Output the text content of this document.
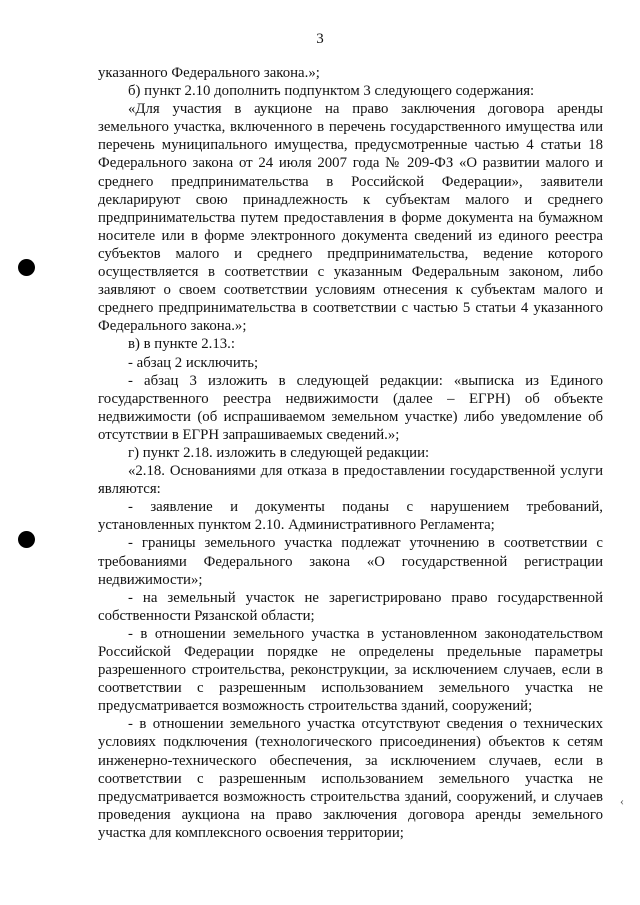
3
‹

указанного Федерального закона.»;

б) пункт 2.10 дополнить подпунктом 3 следующего содержания:

«Для участия в аукционе на право заключения договора аренды земельного участка, включенного в перечень государственного имущества или перечень муниципального имущества, предусмотренные частью 4 статьи 18 Федерального закона от 24 июля 2007 года № 209-ФЗ «О развитии малого и среднего предпринимательства в Российской Федерации», заявители декларируют свою принадлежность к субъектам малого и среднего предпринимательства путем предоставления в форме документа на бумажном носителе или в форме электронного документа сведений из единого реестра субъектов малого и среднего предпринимательства, ведение которого осуществляется в соответствии с указанным Федеральным законом, либо заявляют о своем соответствии условиям отнесения к субъектам малого и среднего предпринимательства в соответствии с частью 5 статьи 4 указанного Федерального закона.»;

в) в пункте 2.13.:

- абзац 2 исключить;

- абзац 3 изложить в следующей редакции: «выписка из Единого государственного реестра недвижимости (далее – ЕГРН) об объекте недвижимости (об испрашиваемом земельном участке) либо уведомление об отсутствии в ЕГРН запрашиваемых сведений.»;

г) пункт 2.18. изложить в следующей редакции:

«2.18. Основаниями для отказа в предоставлении государственной услуги являются:

- заявление и документы поданы с нарушением требований, установленных пунктом 2.10. Административного Регламента;

- границы земельного участка подлежат уточнению в соответствии с требованиями Федерального закона «О государственной регистрации недвижимости»;

- на земельный участок не зарегистрировано право государственной собственности Рязанской области;

- в отношении земельного участка в установленном законодательством Российской Федерации порядке не определены предельные параметры разрешенного строительства, реконструкции, за исключением случаев, если в соответствии с разрешенным использованием земельного участка не предусматривается возможность строительства зданий, сооружений;

- в отношении земельного участка отсутствуют сведения о технических условиях подключения (технологического присоединения) объектов к сетям инженерно-технического обеспечения, за исключением случаев, если в соответствии с разрешенным использованием земельного участка не предусматривается возможность строительства зданий, сооружений, и случаев проведения аукциона на право заключения договора аренды земельного участка для комплексного освоения территории;
